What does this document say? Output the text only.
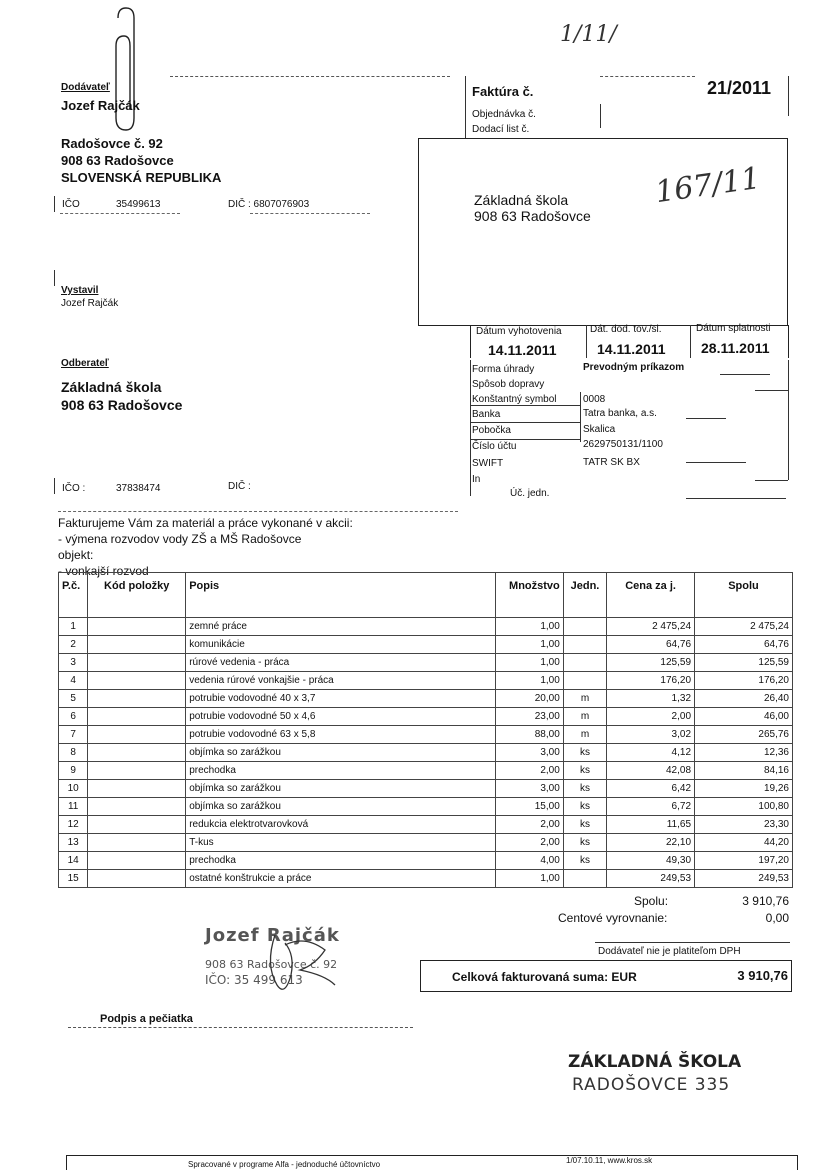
1/11/
167/11
Dodávateľ
Jozef Rajčák
Radošovce č. 92
908 63 Radošovce
SLOVENSKÁ REPUBLIKA
IČO	35499613	DIČ : 6807076903
Vystavil
Jozef Rajčák
Faktúra č.	21/2011
Objednávka č.
Dodací list č.
Základná škola
908 63 Radošovce
Dátum vyhotovenia	Dát. dod. tov./sl.	Dátum splatnosti
14.11.2011	14.11.2011	28.11.2011
Forma úhrady	Prevodným príkazom
Spôsob dopravy
Konštantný symbol	0008
Banka	Tatra banka, a.s.
Pobočka	Skalica
Číslo účtu	2629750131/1100
SWIFT	TATR SK BX
In
Úč. jedn.
Odberateľ
Základná škola
908 63 Radošovce
IČO :	37838474	DIČ :
Fakturujeme Vám za materiál a práce vykonané v akcii:
- výmena rozvodov vody ZŠ a MŠ Radošovce
objekt:
- vonkajší rozvod
P.č.	Kód položky	Popis	Množstvo	Jedn.	Cena za j.	Spolu
1		zemné práce	1,00		2 475,24	2 475,24
2		komunikácie	1,00		64,76	64,76
3		rúrové vedenia - práca	1,00		125,59	125,59
4		vedenia rúrové vonkajšie - práca	1,00		176,20	176,20
5		potrubie vodovodné 40 x 3,7	20,00	m	1,32	26,40
6		potrubie vodovodné 50 x 4,6	23,00	m	2,00	46,00
7		potrubie vodovodné 63 x 5,8	88,00	m	3,02	265,76
8		objímka so zarážkou	3,00	ks	4,12	12,36
9		prechodka	2,00	ks	42,08	84,16
10		objímka so zarážkou	3,00	ks	6,42	19,26
11		objímka so zarážkou	15,00	ks	6,72	100,80
12		redukcia elektrotvarovková	2,00	ks	11,65	23,30
13		T-kus	2,00	ks	22,10	44,20
14		prechodka	4,00	ks	49,30	197,20
15		ostatné konštrukcie a práce	1,00		249,53	249,53
Spolu:	3 910,76
Centové vyrovnanie:	0,00
Dodávateľ nie je platiteľom DPH
Celková fakturovaná suma: EUR	3 910,76
Jozef Rajčák
908 63 Radošovce č. 92
IČO: 35 499 613
Podpis a pečiatka
ZÁKLADNÁ ŠKOLA
RADOŠOVCE 335
Spracované v programe Alfa - jednoduché účtovníctvo	1/07.10.11, www.kros.sk
